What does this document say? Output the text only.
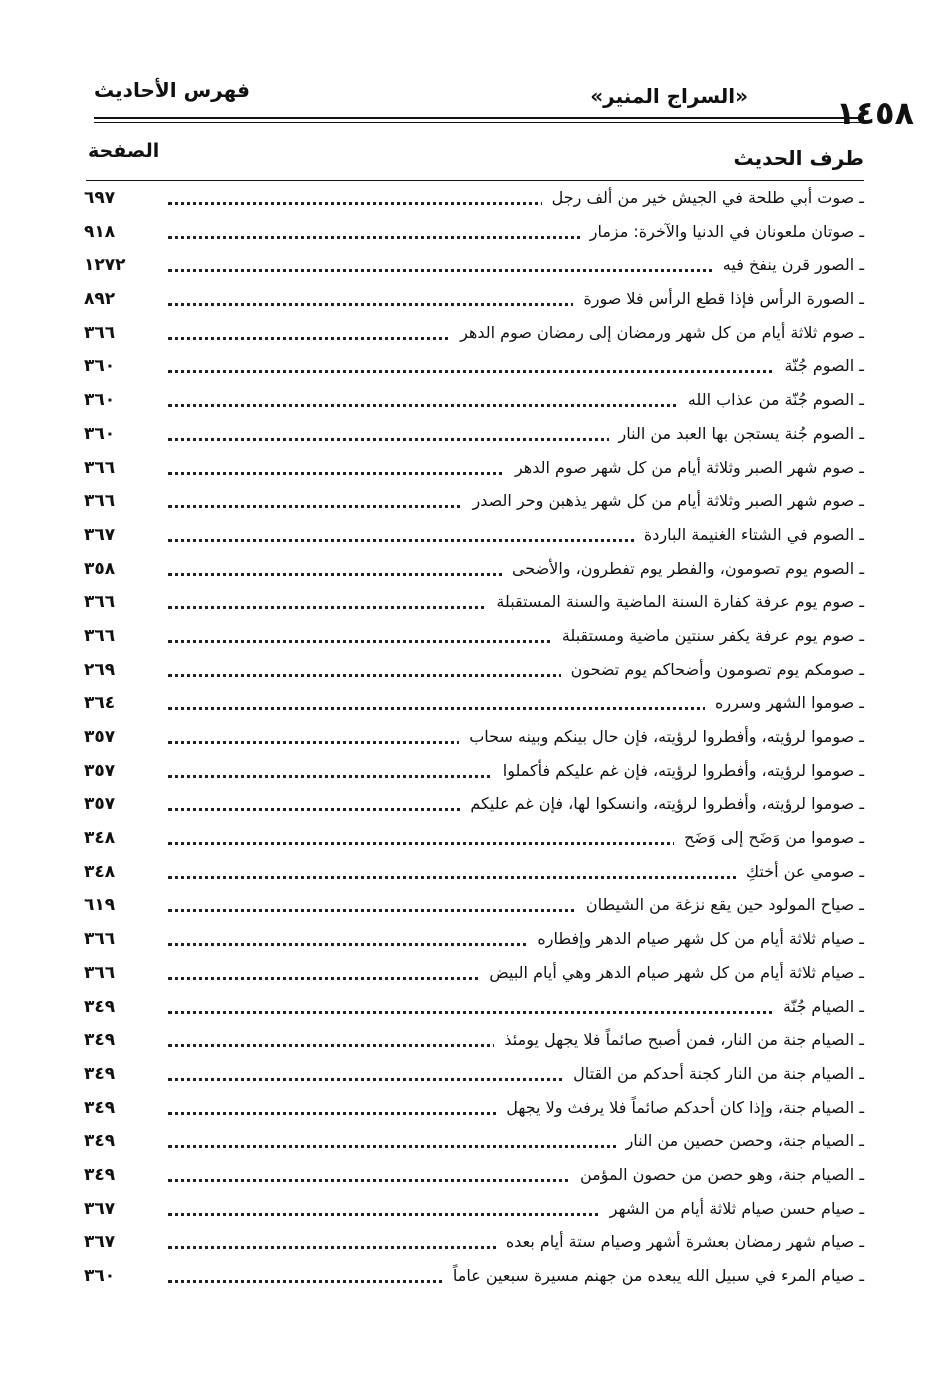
فهرس الأحاديث	«السراج المنير»	١٤٥٨
الصفحة	طرف الحديث
٦٩٧	ـ صوت أبي طلحة في الجيش خير من ألف رجل
٩١٨	ـ صوتان ملعونان في الدنيا والآخرة: مزمار
١٢٧٢	ـ الصور قرن ينفخ فيه
٨٩٢	ـ الصورة الرأس فإذا قطع الرأس فلا صورة
٣٦٦	ـ صوم ثلاثة أيام من كل شهر ورمضان إلى رمضان صوم الدهر
٣٦٠	ـ الصوم جُنّة
٣٦٠	ـ الصوم جُنّة من عذاب الله
٣٦٠	ـ الصوم جُنة يستجن بها العبد من النار
٣٦٦	ـ صوم شهر الصبر وثلاثة أيام من كل شهر صوم الدهر
٣٦٦	ـ صوم شهر الصبر وثلاثة أيام من كل شهر يذهبن وحر الصدر
٣٦٧	ـ الصوم في الشتاء الغنيمة الباردة
٣٥٨	ـ الصوم يوم تصومون، والفطر يوم تفطرون، والأضحى
٣٦٦	ـ صوم يوم عرفة كفارة السنة الماضية والسنة المستقبلة
٣٦٦	ـ صوم يوم عرفة يكفر سنتين ماضية ومستقبلة
٢٦٩	ـ صومكم يوم تصومون وأضحاكم يوم تضحون
٣٦٤	ـ صوموا الشهر وسرره
٣٥٧	ـ صوموا لرؤيته، وأفطروا لرؤيته، فإن حال بينكم وبينه سحاب
٣٥٧	ـ صوموا لرؤيته، وأفطروا لرؤيته، فإن غم عليكم فأكملوا
٣٥٧	ـ صوموا لرؤيته، وأفطروا لرؤيته، وانسكوا لها، فإن غم عليكم
٣٤٨	ـ صوموا من وَضَح إلى وَضَح
٣٤٨	ـ صومي عن أختكِ
٦١٩	ـ صياح المولود حين يقع نزغة من الشيطان
٣٦٦	ـ صيام ثلاثة أيام من كل شهر صيام الدهر وإفطاره
٣٦٦	ـ صيام ثلاثة أيام من كل شهر صيام الدهر وهي أيام البيض
٣٤٩	ـ الصيام جُنّة
٣٤٩	ـ الصيام جنة من النار، فمن أصبح صائماً فلا يجهل يومئذ
٣٤٩	ـ الصيام جنة من النار كجنة أحدكم من القتال
٣٤٩	ـ الصيام جنة، وإذا كان أحدكم صائماً فلا يرفث ولا يجهل
٣٤٩	ـ الصيام جنة، وحصن حصين من النار
٣٤٩	ـ الصيام جنة، وهو حصن من حصون المؤمن
٣٦٧	ـ صيام حسن صيام ثلاثة أيام من الشهر
٣٦٧	ـ صيام شهر رمضان بعشرة أشهر وصيام ستة أيام بعده
٣٦٠	ـ صيام المرء في سبيل الله يبعده من جهنم مسيرة سبعين عاماً
